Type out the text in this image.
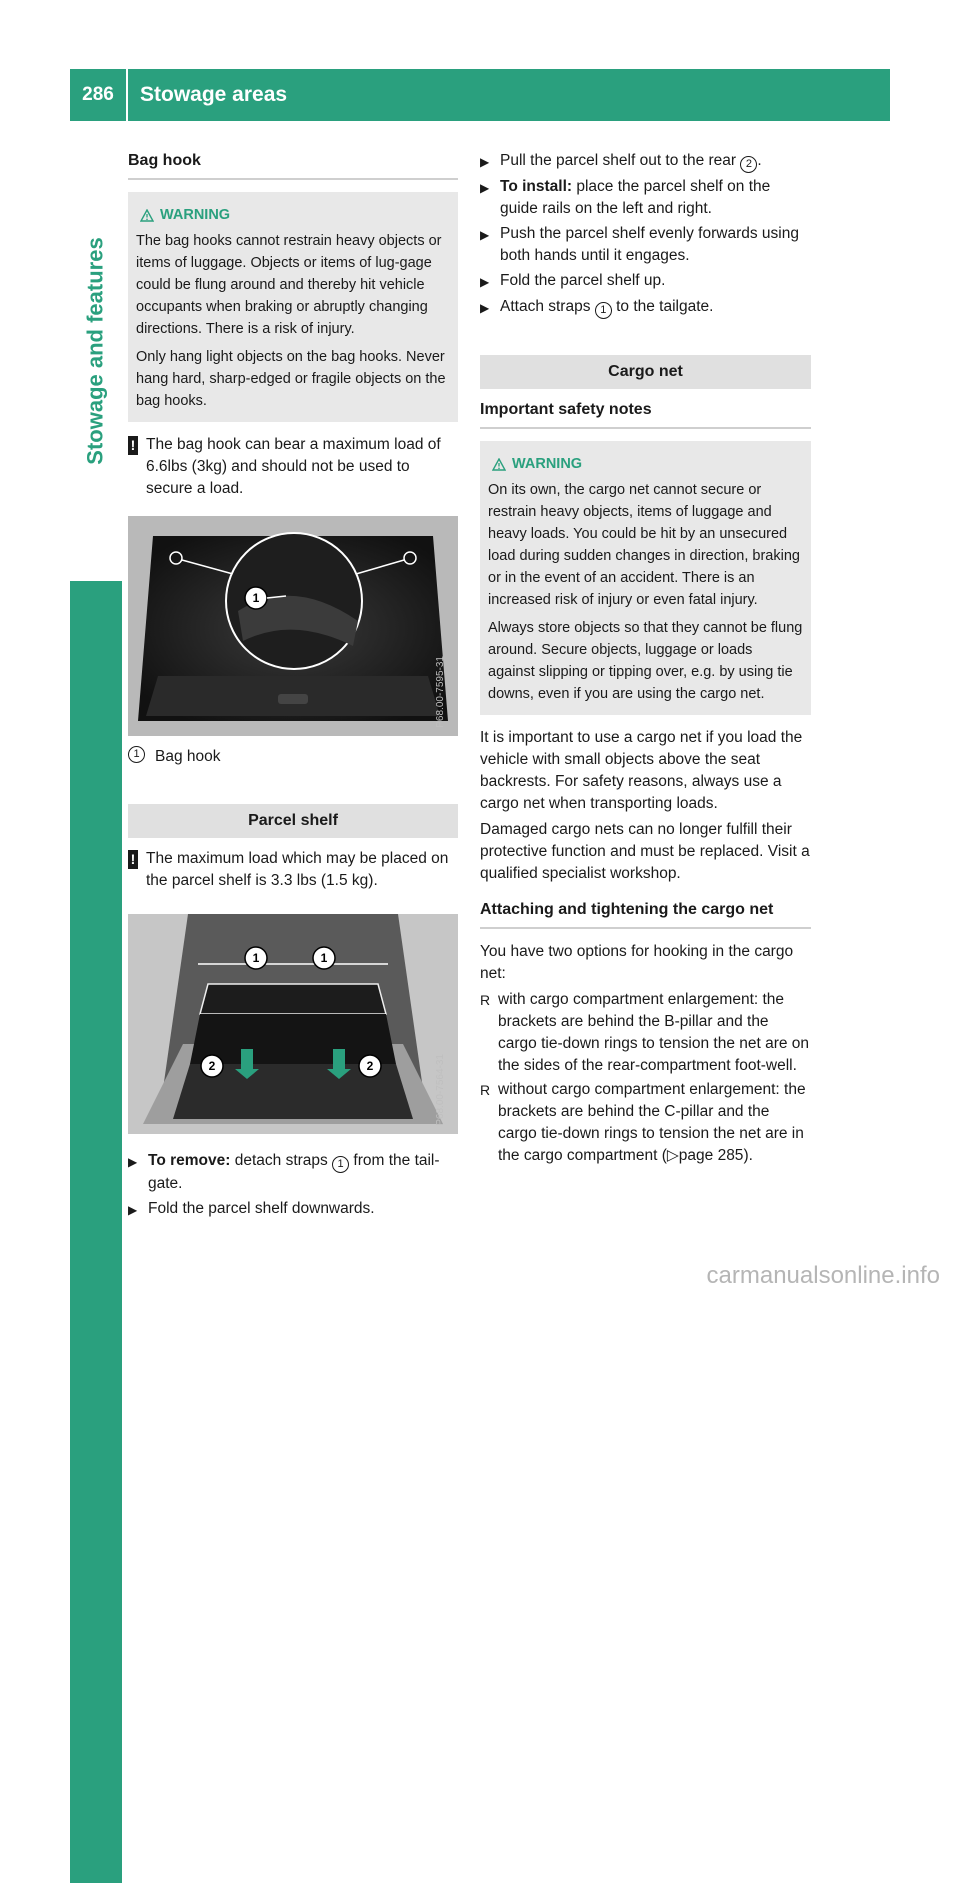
286	Stowage areas
Stowage and features
Bag hook
WARNING

The bag hooks cannot restrain heavy objects or items of luggage. Objects or items of lug-gage could be flung around and thereby hit vehicle occupants when braking or abruptly changing directions. There is a risk of injury.

Only hang light objects on the bag hooks. Never hang hard, sharp-edged or fragile objects on the bag hooks.

! The bag hook can bear a maximum load of 6.6lbs (3kg) and should not be used to secure a load.
1
P68.00-7595-31
1 Bag hook
Parcel shelf
! The maximum load which may be placed on the parcel shelf is 3.3 lbs (1.5 kg).
1	1
2	2	P68.00-7564-31
▶ To remove: detach straps 1 from the tail-gate.
▶ Fold the parcel shelf downwards.
▶ Pull the parcel shelf out to the rear 2 .
▶ To install: place the parcel shelf on the guide rails on the left and right.
▶ Push the parcel shelf evenly forwards using both hands until it engages.
▶ Fold the parcel shelf up.
▶ Attach straps 1 to the tailgate.
Cargo net
Important safety notes
WARNING

On its own, the cargo net cannot secure or restrain heavy objects, items of luggage and heavy loads. You could be hit by an unsecured load during sudden changes in direction, braking or in the event of an accident. There is an increased risk of injury or even fatal injury.

Always store objects so that they cannot be flung around. Secure objects, luggage or loads against slipping or tipping over, e.g. by using tie downs, even if you are using the cargo net.

It is important to use a cargo net if you load the vehicle with small objects above the seat backrests. For safety reasons, always use a cargo net when transporting loads.

Damaged cargo nets can no longer fulfill their protective function and must be replaced. Visit a qualified specialist workshop.

Attaching and tightening the cargo net

You have two options for hooking in the cargo net:

R with cargo compartment enlargement: the brackets are behind the B-pillar and the cargo tie-down rings to tension the net are on the sides of the rear-compartment foot-well.
R without cargo compartment enlargement: the brackets are behind the C-pillar and the cargo tie-down rings to tension the net are in the cargo compartment (▷page 285).
carmanualsonline.info
